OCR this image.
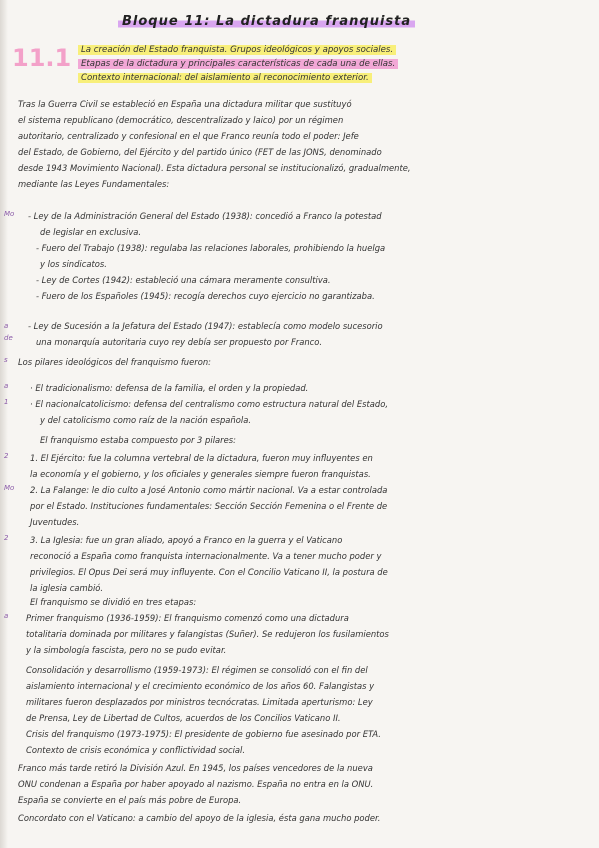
Bloque 11: La dictadura franquista
11.1	La creación del Estado franquista. Grupos ideológicos y apoyos sociales.
Etapas de la dictadura y principales características de cada una de ellas.
Contexto internacional: del aislamiento al reconocimiento exterior.
Tras la Guerra Civil se estableció en España una dictadura militar que sustituyó
el sistema republicano (democrático, descentralizado y laico) por un régimen
autoritario, centralizado y confesional en el que Franco reunía todo el poder: Jefe
del Estado, de Gobierno, del Ejército y del partido único (FET de las JONS, denominado
desde 1943 Movimiento Nacional). Esta dictadura personal se institucionalizó, gradualmente,
mediante las Leyes Fundamentales:
- Ley de la Administración General del Estado (1938): concedió a Franco la potestad
de legislar en exclusiva.
- Fuero del Trabajo (1938): regulaba las relaciones laborales, prohibiendo la huelga
y los sindicatos.
- Ley de Cortes (1942): estableció una cámara meramente consultiva.
- Fuero de los Españoles (1945): recogía derechos cuyo ejercicio no garantizaba.
- Ley de Sucesión a la Jefatura del Estado (1947): establecía como modelo sucesorio
una monarquía autoritaria cuyo rey debía ser propuesto por Franco.
Los pilares ideológicos del franquismo fueron:
· El tradicionalismo: defensa de la familia, el orden y la propiedad.
· El nacionalcatolicismo: defensa del centralismo como estructura natural del Estado,
y del catolicismo como raíz de la nación española.
El franquismo estaba compuesto por 3 pilares:
1. El Ejército: fue la columna vertebral de la dictadura, fueron muy influyentes en
la economía y el gobierno, y los oficiales y generales siempre fueron franquistas.
2. La Falange: le dio culto a José Antonio como mártir nacional. Va a estar controlada
por el Estado. Instituciones fundamentales: Sección Sección Femenina o el Frente de
Juventudes.
3. La Iglesia: fue un gran aliado, apoyó a Franco en la guerra y el Vaticano
reconoció a España como franquista internacionalmente. Va a tener mucho poder y
privilegios. El Opus Dei será muy influyente. Con el Concilio Vaticano II, la postura de
la iglesia cambió.
El franquismo se dividió en tres etapas:
Primer franquismo (1936-1959): El franquismo comenzó como una dictadura
totalitaria dominada por militares y falangistas (Suñer). Se redujeron los fusilamientos
y la simbología fascista, pero no se pudo evitar.
Consolidación y desarrollismo (1959-1973): El régimen se consolidó con el fin del
aislamiento internacional y el crecimiento económico de los años 60. Falangistas y
militares fueron desplazados por ministros tecnócratas. Limitada aperturismo: Ley
de Prensa, Ley de Libertad de Cultos, acuerdos de los Concilios Vaticano II.
Crisis del franquismo (1973-1975): El presidente de gobierno fue asesinado por ETA.
Contexto de crisis económica y conflictividad social.
Franco más tarde retiró la División Azul. En 1945, los países vencedores de la nueva
ONU condenan a España por haber apoyado al nazismo. España no entra en la ONU.
España se convierte en el país más pobre de Europa.
Concordato con el Vaticano: a cambio del apoyo de la iglesia, ésta gana mucho poder.
Mo
a
de
s
a
1
2
Mo
2
a
